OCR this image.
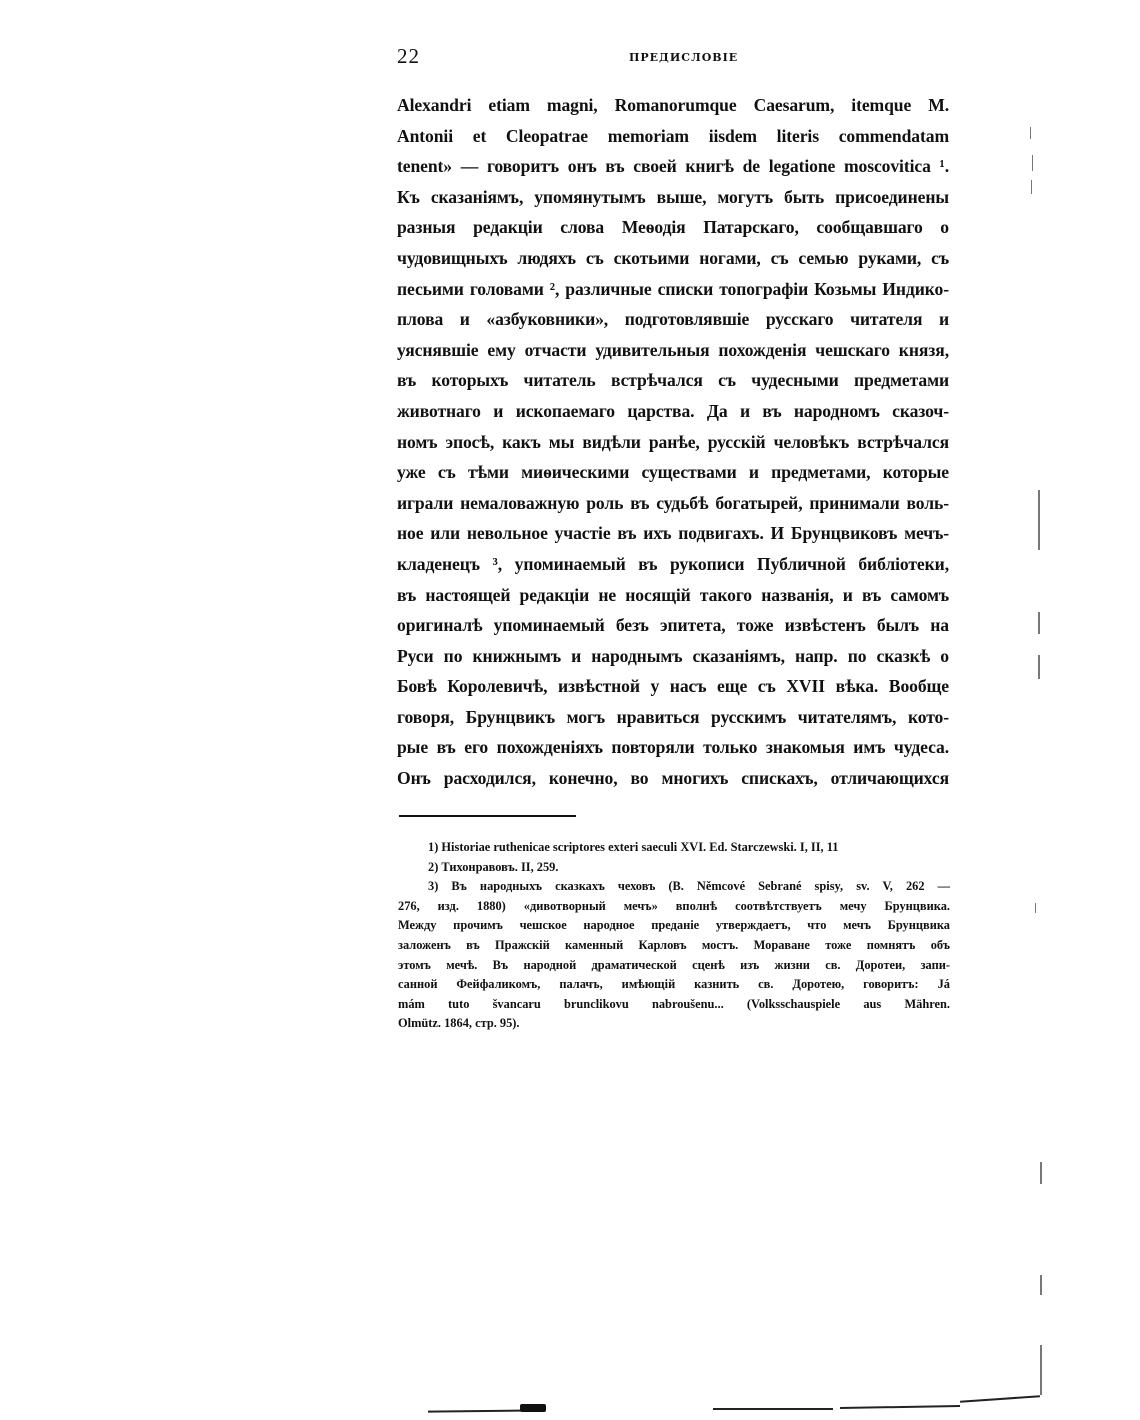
22	ПРЕДИСЛОВІЕ
Alexandri etiam magni, Romanorumque Caesarum, itemque M.
Antonii et Cleopatrae memoriam iisdem literis commendatam
tenent» — говоритъ онъ въ своей книгѣ de legatione moscovitica ¹.
Къ сказаніямъ, упомянутымъ выше, могутъ быть присоединены
разныя редакціи слова Меѳодія Патарскаго, сообщавшаго о
чудовищныхъ людяхъ съ скотьими ногами, съ семью руками, съ
песьими головами ², различные списки топографіи Козьмы Индико-
плова и «азбуковники», подготовлявшіе русскаго читателя и
уяснявшіе ему отчасти удивительныя похожденія чешскаго князя,
въ которыхъ читатель встрѣчался съ чудесными предметами
животнаго и ископаемаго царства. Да и въ народномъ сказоч-
номъ эпосѣ, какъ мы видѣли ранѣе, русскій человѣкъ встрѣчался
уже съ тѣми миѳическими существами и предметами, которые
играли немаловажную роль въ судьбѣ богатырей, принимали воль-
ное или невольное участіе въ ихъ подвигахъ. И Брунцвиковъ мечъ-
кладенецъ ³, упоминаемый въ рукописи Публичной библіотеки,
въ настоящей редакціи не носящій такого названія, и въ самомъ
оригиналѣ упоминаемый безъ эпитета, тоже извѣстенъ былъ на
Руси по книжнымъ и народнымъ сказаніямъ, напр. по сказкѣ о
Бовѣ Королевичѣ, извѣстной у насъ еще съ XVII вѣка. Вообще
говоря, Брунцвикъ могъ нравиться русскимъ читателямъ, кото-
рые въ его похожденіяхъ повторяли только знакомыя имъ чудеса.
Онъ расходился, конечно, во многихъ спискахъ, отличающихся
1) Historiae ruthenicae scriptores exteri saeculi XVI. Ed. Starczewski. I, II, 11
2) Тихонравовъ. II, 259.
3) Въ народныхъ сказкахъ чеховъ (B. Němcové Sebrané spisy, sv. V, 262 —
276, изд. 1880) «дивотворный мечъ» вполнѣ соотвѣтствуетъ мечу Брунцвика.
Между прочимъ чешское народное преданіе утверждаетъ, что мечъ Брунцвика
заложенъ въ Пражскій каменный Карловъ мостъ. Мораване тоже помнятъ объ
этомъ мечѣ. Въ народной драматической сценѣ изъ жизни св. Доротеи, запи-
санной Фейфаликомъ, палачъ, имѣющій казнить св. Доротею, говоритъ: Já
mám tuto švancaru brunclikovu nabroušenu... (Volksschauspiele aus Mähren.
Olmütz. 1864, стр. 95).
